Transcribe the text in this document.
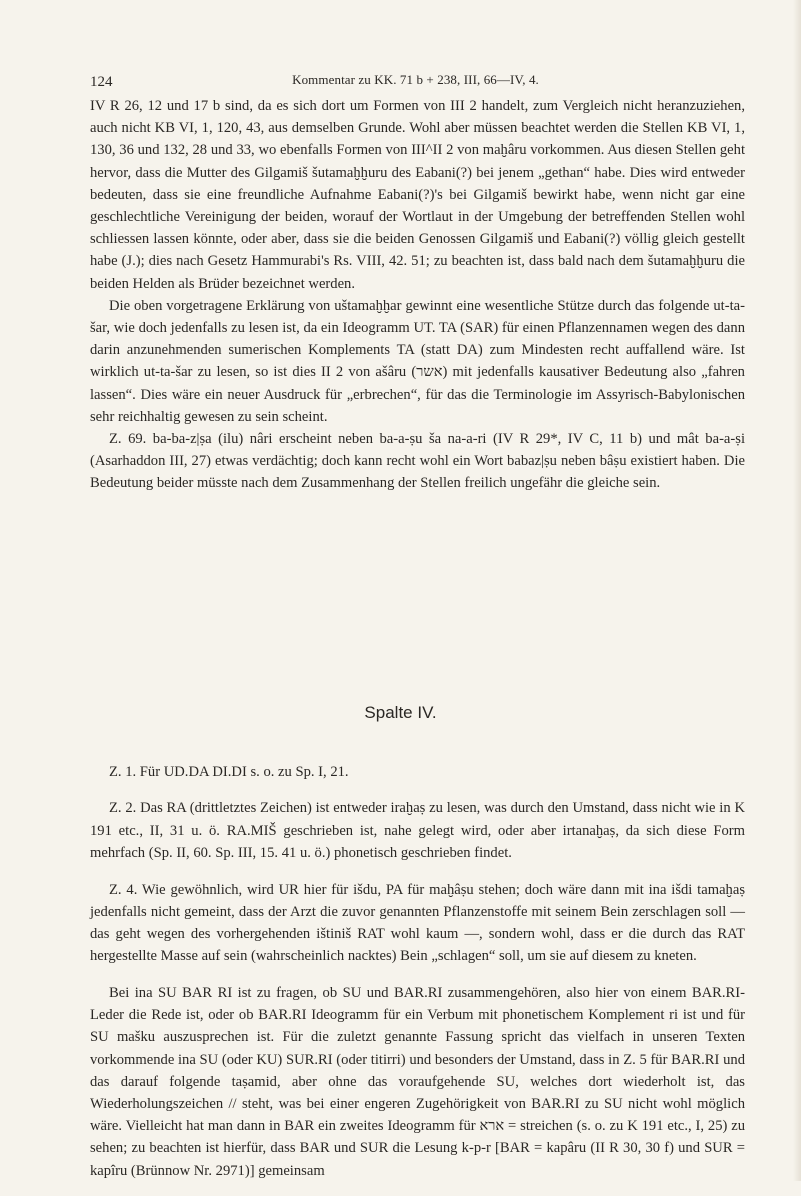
124	Kommentar zu KK. 71 b + 238, III, 66—IV, 4.

IV R 26, 12 und 17 b sind, da es sich dort um Formen von III 2 handelt, zum Vergleich nicht heranzuziehen, auch nicht KB VI, 1, 120, 43, aus demselben Grunde. Wohl aber müssen beachtet werden die Stellen KB VI, 1, 130, 36 und 132, 28 und 33, wo ebenfalls Formen von III^II 2 von maḫâru vorkommen. Aus diesen Stellen geht hervor, dass die Mutter des Gilgamiš šutamaḫḫuru des Eabani(?) bei jenem „gethan“ habe. Dies wird entweder bedeuten, dass sie eine freundliche Aufnahme Eabani(?)'s bei Gilgamiš bewirkt habe, wenn nicht gar eine geschlechtliche Vereinigung der beiden, worauf der Wortlaut in der Umgebung der betreffenden Stellen wohl schliessen lassen könnte, oder aber, dass sie die beiden Genossen Gilgamiš und Eabani(?) völlig gleich gestellt habe (J.); dies nach Gesetz Hammurabi's Rs. VIII, 42. 51; zu beachten ist, dass bald nach dem šutamaḫḫuru die beiden Helden als Brüder bezeichnet werden.

Die oben vorgetragene Erklärung von uštamaḫḫar gewinnt eine wesentliche Stütze durch das folgende ut-ta-šar, wie doch jedenfalls zu lesen ist, da ein Ideogramm UT. TA (SAR) für einen Pflanzennamen wegen des dann darin anzunehmenden sumerischen Komplements TA (statt DA) zum Mindesten recht auffallend wäre. Ist wirklich ut-ta-šar zu lesen, so ist dies II 2 von ašâru (אשר) mit jedenfalls kausativer Bedeutung also „fahren lassen“. Dies wäre ein neuer Ausdruck für „erbrechen“, für das die Terminologie im Assyrisch-Babylonischen sehr reichhaltig gewesen zu sein scheint.

Z. 69. ba-ba-z|ṣa (ilu) nâri erscheint neben ba-a-ṣu ša na-a-ri (IV R 29*, IV C, 11 b) und mât ba-a-ṣi (Asarhaddon III, 27) etwas verdächtig; doch kann recht wohl ein Wort babaz|ṣu neben bâṣu existiert haben. Die Bedeutung beider müsste nach dem Zusammenhang der Stellen freilich ungefähr die gleiche sein.

Spalte IV.

Z. 1. Für UD.DA DI.DI s. o. zu Sp. I, 21.

Z. 2. Das RA (drittletztes Zeichen) ist entweder iraḫaṣ zu lesen, was durch den Umstand, dass nicht wie in K 191 etc., II, 31 u. ö. RA.MIŠ geschrieben ist, nahe gelegt wird, oder aber irtanaḫaṣ, da sich diese Form mehrfach (Sp. II, 60. Sp. III, 15. 41 u. ö.) phonetisch geschrieben findet.

Z. 4. Wie gewöhnlich, wird UR hier für išdu, PA für maḫâṣu stehen; doch wäre dann mit ina išdi tamaḫaṣ jedenfalls nicht gemeint, dass der Arzt die zuvor genannten Pflanzenstoffe mit seinem Bein zerschlagen soll — das geht wegen des vorhergehenden ištiniš RAT wohl kaum —, sondern wohl, dass er die durch das RAT hergestellte Masse auf sein (wahrscheinlich nacktes) Bein „schlagen“ soll, um sie auf diesem zu kneten.

Bei ina SU BAR RI ist zu fragen, ob SU und BAR.RI zusammengehören, also hier von einem BAR.RI-Leder die Rede ist, oder ob BAR.RI Ideogramm für ein Verbum mit phonetischem Komplement ri ist und für SU mašku auszusprechen ist. Für die zuletzt genannte Fassung spricht das vielfach in unseren Texten vorkommende ina SU (oder KU) SUR.RI (oder titirri) und besonders der Umstand, dass in Z. 5 für BAR.RI und das darauf folgende taṣamid, aber ohne das voraufgehende SU, welches dort wiederholt ist, das Wiederholungszeichen // steht, was bei einer engeren Zugehörigkeit von BAR.RI zu SU nicht wohl möglich wäre. Vielleicht hat man dann in BAR ein zweites Ideogramm für ארא = streichen (s. o. zu K 191 etc., I, 25) zu sehen; zu beachten ist hierfür, dass BAR und SUR die Lesung k-p-r [BAR = kapâru (II R 30, 30 f) und SUR = kapîru (Brünnow Nr. 2971)] gemeinsam
